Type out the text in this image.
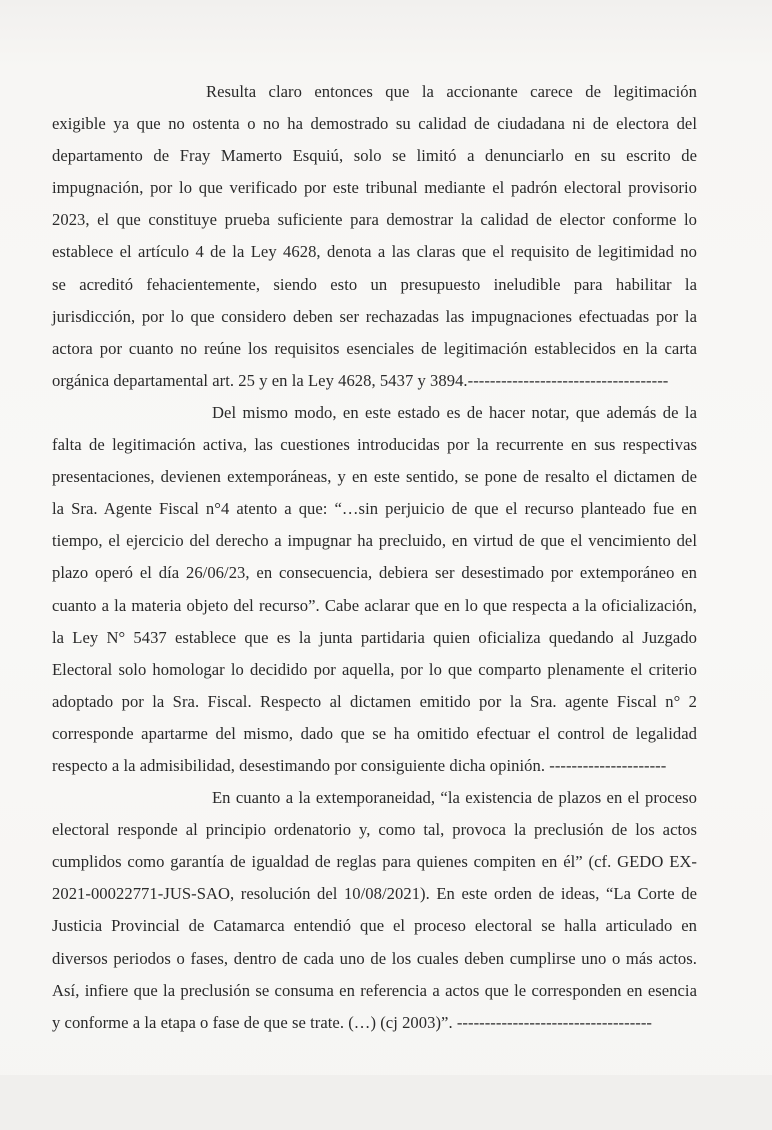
Resulta claro entonces que la accionante carece de legitimación
exigible ya que no ostenta o no ha demostrado su calidad de ciudadana ni de electora del
departamento de Fray Mamerto Esquiú, solo se limitó a denunciarlo en su escrito de
impugnación, por lo que verificado por este tribunal mediante el padrón electoral provisorio
2023, el que constituye prueba suficiente para demostrar la calidad de elector conforme lo
establece el artículo 4 de la Ley 4628, denota a las claras que el requisito de legitimidad no
se acreditó fehacientemente, siendo esto un presupuesto ineludible para habilitar la
jurisdicción, por lo que considero deben ser rechazadas las impugnaciones efectuadas por la
actora por cuanto no reúne los requisitos esenciales de legitimación establecidos en la carta
orgánica departamental art. 25 y en la Ley 4628, 5437 y 3894.------------------------------------
Del mismo modo, en este estado es de hacer notar, que además de la
falta de legitimación activa, las cuestiones introducidas por la recurrente en sus respectivas
presentaciones, devienen extemporáneas, y en este sentido, se pone de resalto el dictamen de
la Sra. Agente Fiscal n°4 atento a que: “…sin perjuicio de que el recurso planteado fue en
tiempo, el ejercicio del derecho a impugnar ha precluido, en virtud de que el vencimiento del
plazo operó el día 26/06/23, en consecuencia, debiera ser desestimado por extemporáneo en
cuanto a la materia objeto del recurso”. Cabe aclarar que en lo que respecta a la oficialización,
la Ley N° 5437 establece que es la junta partidaria quien oficializa quedando al Juzgado
Electoral solo homologar lo decidido por aquella, por lo que comparto plenamente el criterio
adoptado por la Sra. Fiscal. Respecto al dictamen emitido por la Sra. agente Fiscal n° 2
corresponde apartarme del mismo, dado que se ha omitido efectuar el control de legalidad
respecto a la admisibilidad, desestimando por consiguiente dicha opinión. ---------------------
En cuanto a la extemporaneidad, “la existencia de plazos en el proceso
electoral responde al principio ordenatorio y, como tal, provoca la preclusión de los actos
cumplidos como garantía de igualdad de reglas para quienes compiten en él” (cf. GEDO EX-
2021-00022771-JUS-SAO, resolución del 10/08/2021). En este orden de ideas, “La Corte de
Justicia Provincial de Catamarca entendió que el proceso electoral se halla articulado en
diversos periodos o fases, dentro de cada uno de los cuales deben cumplirse uno o más actos.
Así, infiere que la preclusión se consuma en referencia a actos que le corresponden en esencia
y conforme a la etapa o fase de que se trate. (…) (cj 2003)”. -----------------------------------
